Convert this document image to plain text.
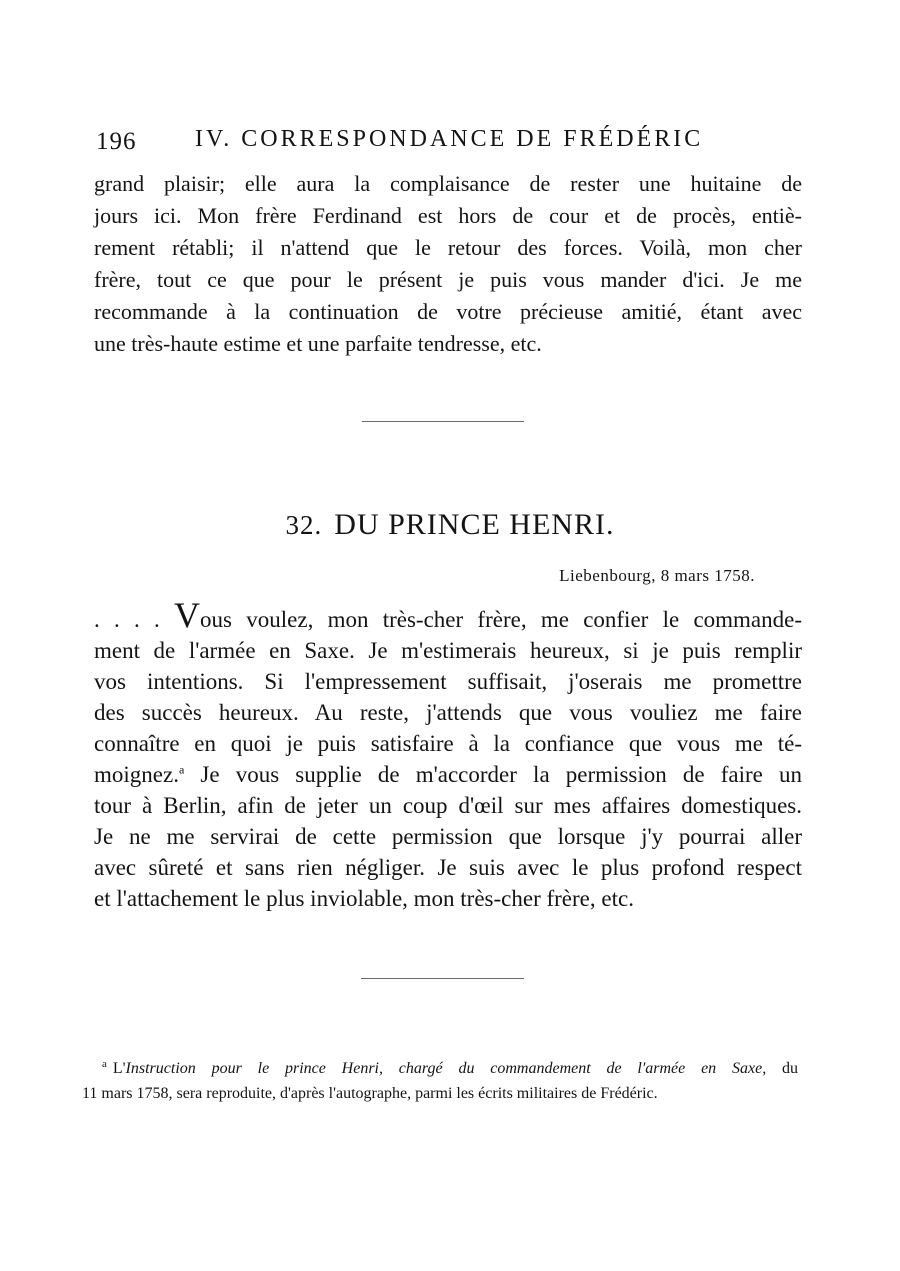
196 IV. CORRESPONDANCE DE FRÉDÉRIC
grand plaisir; elle aura la complaisance de rester une huitaine de
jours ici. Mon frère Ferdinand est hors de cour et de procès, entiè-
rement rétabli; il n'attend que le retour des forces. Voilà, mon cher
frère, tout ce que pour le présent je puis vous mander d'ici. Je me
recommande à la continuation de votre précieuse amitié, étant avec
une très-haute estime et une parfaite tendresse, etc.
32. DU PRINCE HENRI.
Liebenbourg, 8 mars 1758.
. . . . Vous voulez, mon très-cher frère, me confier le commande-
ment de l'armée en Saxe. Je m'estimerais heureux, si je puis remplir
vos intentions. Si l'empressement suffisait, j'oserais me promettre
des succès heureux. Au reste, j'attends que vous vouliez me faire
connaître en quoi je puis satisfaire à la confiance que vous me té-
moignez.$^a$ Je vous supplie de m'accorder la permission de faire un
tour à Berlin, afin de jeter un coup d'œil sur mes affaires domestiques.
Je ne me servirai de cette permission que lorsque j'y pourrai aller
avec sûreté et sans rien négliger. Je suis avec le plus profond respect
et l'attachement le plus inviolable, mon très-cher frère, etc.
$^a$ L'Instruction pour le prince Henri, chargé du commandement de l'armée en Saxe, du
11 mars 1758, sera reproduite, d'après l'autographe, parmi les écrits militaires de Frédéric.
